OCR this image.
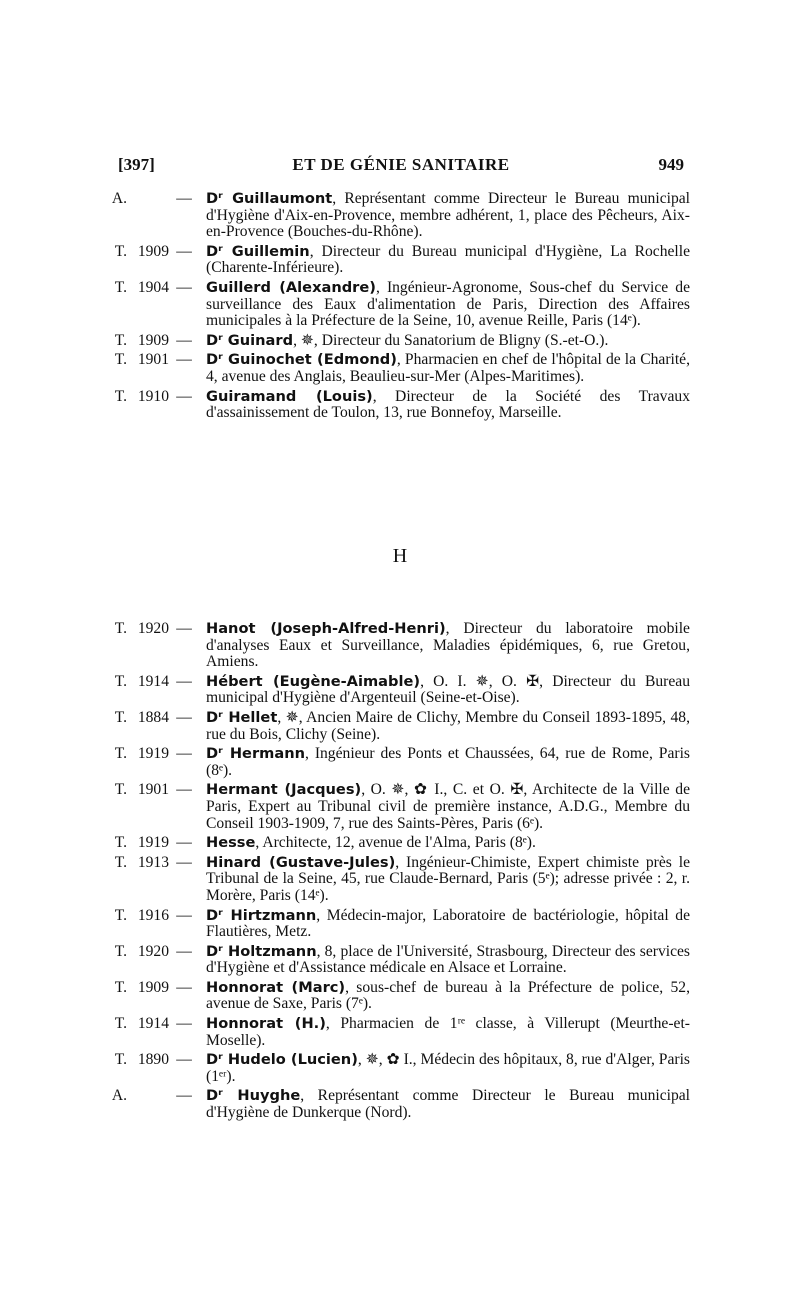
[397]	ET DE GÉNIE SANITAIRE	949
A.	— Dʳ Guillaumont, Représentant comme Directeur le Bureau municipal d'Hygiène d'Aix-en-Provence, membre adhérent, 1, place des Pêcheurs, Aix-en-Provence (Bouches-du-Rhône).
T. 1909 — Dʳ Guillemin, Directeur du Bureau municipal d'Hygiène, La Rochelle (Charente-Inférieure).
T. 1904 — Guillerd (Alexandre), Ingénieur-Agronome, Sous-chef du Service de surveillance des Eaux d'alimentation de Paris, Direction des Affaires municipales à la Préfecture de la Seine, 10, avenue Reille, Paris (14ᵉ).
T. 1909 — Dʳ Guinard, ✵, Directeur du Sanatorium de Bligny (S.-et-O.).
T. 1901 — Dʳ Guinochet (Edmond), Pharmacien en chef de l'hôpital de la Charité, 4, avenue des Anglais, Beaulieu-sur-Mer (Alpes-Maritimes).
T. 1910 — Guiramand (Louis), Directeur de la Société des Travaux d'assainissement de Toulon, 13, rue Bonnefoy, Marseille.
H
T. 1920 — Hanot (Joseph-Alfred-Henri), Directeur du laboratoire mobile d'analyses Eaux et Surveillance, Maladies épidémiques, 6, rue Gretou, Amiens.
T. 1914 — Hébert (Eugène-Aimable), O. I. ✵, O. ✠, Directeur du Bureau municipal d'Hygiène d'Argenteuil (Seine-et-Oise).
T. 1884 — Dʳ Hellet, ✵, Ancien Maire de Clichy, Membre du Conseil 1893-1895, 48, rue du Bois, Clichy (Seine).
T. 1919 — Dʳ Hermann, Ingénieur des Ponts et Chaussées, 64, rue de Rome, Paris (8ᵉ).
T. 1901 — Hermant (Jacques), O. ✵, ✿ I., C. et O. ✠, Architecte de la Ville de Paris, Expert au Tribunal civil de première instance, A.D.G., Membre du Conseil 1903-1909, 7, rue des Saints-Pères, Paris (6ᵉ).
T. 1919 — Hesse, Architecte, 12, avenue de l'Alma, Paris (8ᵉ).
T. 1913 — Hinard (Gustave-Jules), Ingénieur-Chimiste, Expert chimiste près le Tribunal de la Seine, 45, rue Claude-Bernard, Paris (5ᵉ); adresse privée : 2, r. Morère, Paris (14ᵉ).
T. 1916 — Dʳ Hirtzmann, Médecin-major, Laboratoire de bactériologie, hôpital de Flautières, Metz.
T. 1920 — Dʳ Holtzmann, 8, place de l'Université, Strasbourg, Directeur des services d'Hygiène et d'Assistance médicale en Alsace et Lorraine.
T. 1909 — Honnorat (Marc), sous-chef de bureau à la Préfecture de police, 52, avenue de Saxe, Paris (7ᵉ).
T. 1914 — Honnorat (H.), Pharmacien de 1ʳᵉ classe, à Villerupt (Meurthe-et-Moselle).
T. 1890 — Dʳ Hudelo (Lucien), ✵, ✿ I., Médecin des hôpitaux, 8, rue d'Alger, Paris (1ᵉʳ).
A.	— Dʳ Huyghe, Représentant comme Directeur le Bureau municipal d'Hygiène de Dunkerque (Nord).
